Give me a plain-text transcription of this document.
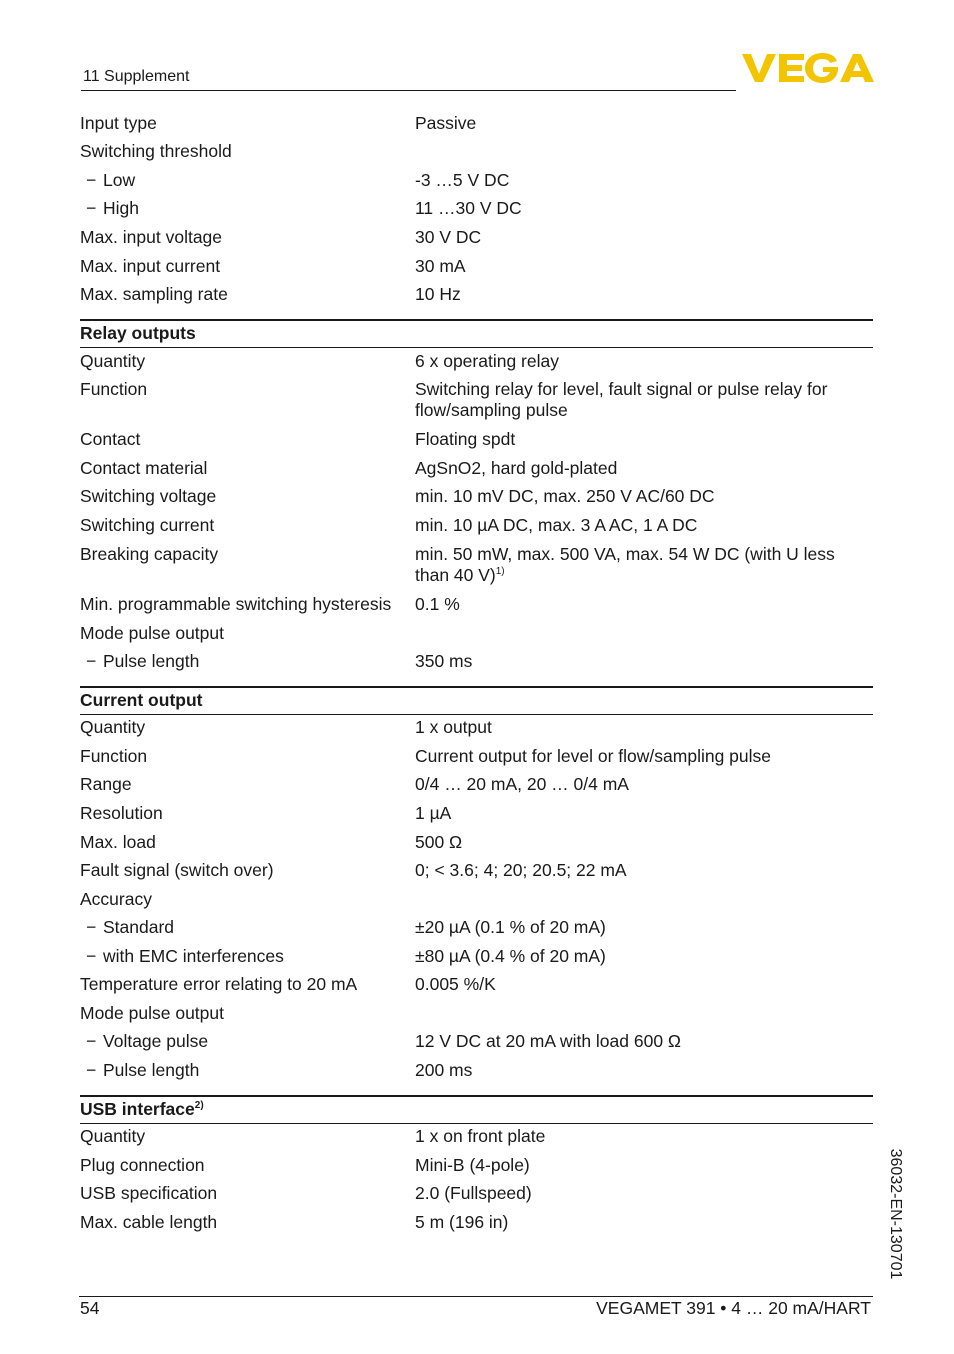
11 Supplement
Input type	Passive
Switching threshold
− Low	-3 …5 V DC
− High	11 …30 V DC
Max. input voltage	30 V DC
Max. input current	30 mA
Max. sampling rate	10 Hz
Relay outputs
Quantity	6 x operating relay
Function	Switching relay for level, fault signal or pulse relay for flow/sampling pulse
Contact	Floating spdt
Contact material	AgSnO2, hard gold-plated
Switching voltage	min. 10 mV DC, max. 250 V AC/60 DC
Switching current	min. 10 µA DC, max. 3 A AC, 1 A DC
Breaking capacity	min. 50 mW, max. 500 VA, max. 54 W DC (with U less than 40 V)$^{1)}$
Min. programmable switching hysteresis 0.1 %
Mode pulse output
− Pulse length	350 ms
Current output
Quantity	1 x output
Function	Current output for level or flow/sampling pulse
Range	0/4 … 20 mA, 20 … 0/4 mA
Resolution	1 µA
Max. load	500 Ω
Fault signal (switch over)	0; < 3.6; 4; 20; 20.5; 22 mA
Accuracy
− Standard	±20 µA (0.1 % of 20 mA)
− with EMC interferences	±80 µA (0.4 % of 20 mA)
Temperature error relating to 20 mA	0.005 %/K
Mode pulse output
− Voltage pulse	12 V DC at 20 mA with load 600 Ω
− Pulse length	200 ms
USB interface$^{2)}$
Quantity	1 x on front plate
Plug connection	Mini-B (4-pole)
USB specification	2.0 (Fullspeed)
Max. cable length	5 m (196 in)	36032-EN-130701
54	VEGAMET 391 • 4 … 20 mA/HART
